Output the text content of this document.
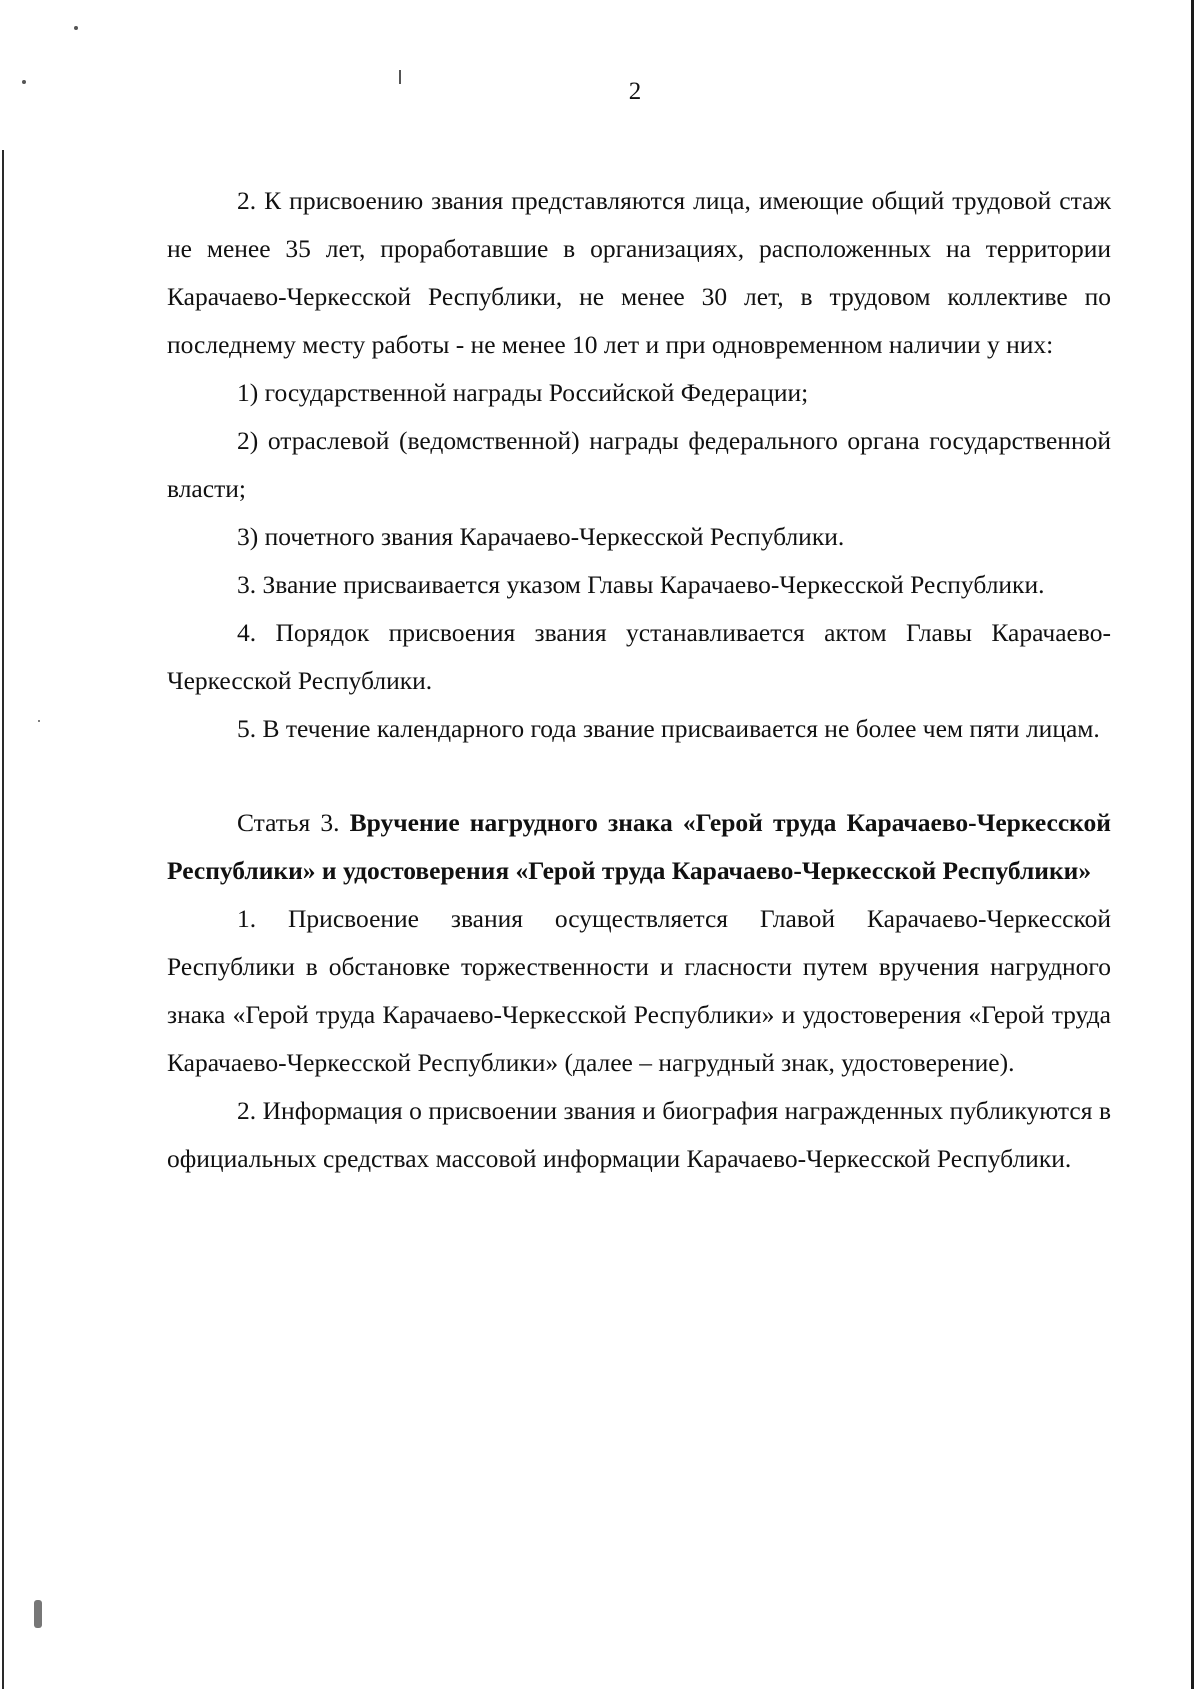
2

2. К присвоению звания представляются лица, имеющие общий трудовой стаж не менее 35 лет, проработавшие в организациях, расположенных на территории Карачаево-Черкесской Республики, не менее 30 лет, в трудовом коллективе по последнему месту работы - не менее 10 лет и при одновременном наличии у них:

1) государственной награды Российской Федерации;

2) отраслевой (ведомственной) награды федерального органа государственной власти;

3) почетного звания Карачаево-Черкесской Республики.

3. Звание присваивается указом Главы Карачаево-Черкесской Республики.

4. Порядок присвоения звания устанавливается актом Главы Карачаево-Черкесской Республики.

5. В течение календарного года звание присваивается не более чем пяти лицам.

Статья 3. Вручение нагрудного знака «Герой труда Карачаево-Черкесской Республики» и удостоверения «Герой труда Карачаево-Черкесской Республики»

1. Присвоение звания осуществляется Главой Карачаево-Черкесской Республики в обстановке торжественности и гласности путем вручения нагрудного знака «Герой труда Карачаево-Черкесской Республики» и удостоверения «Герой труда Карачаево-Черкесской Республики» (далее – нагрудный знак, удостоверение).

2. Информация о присвоении звания и биография награжденных публикуются в официальных средствах массовой информации Карачаево-Черкесской Республики.
